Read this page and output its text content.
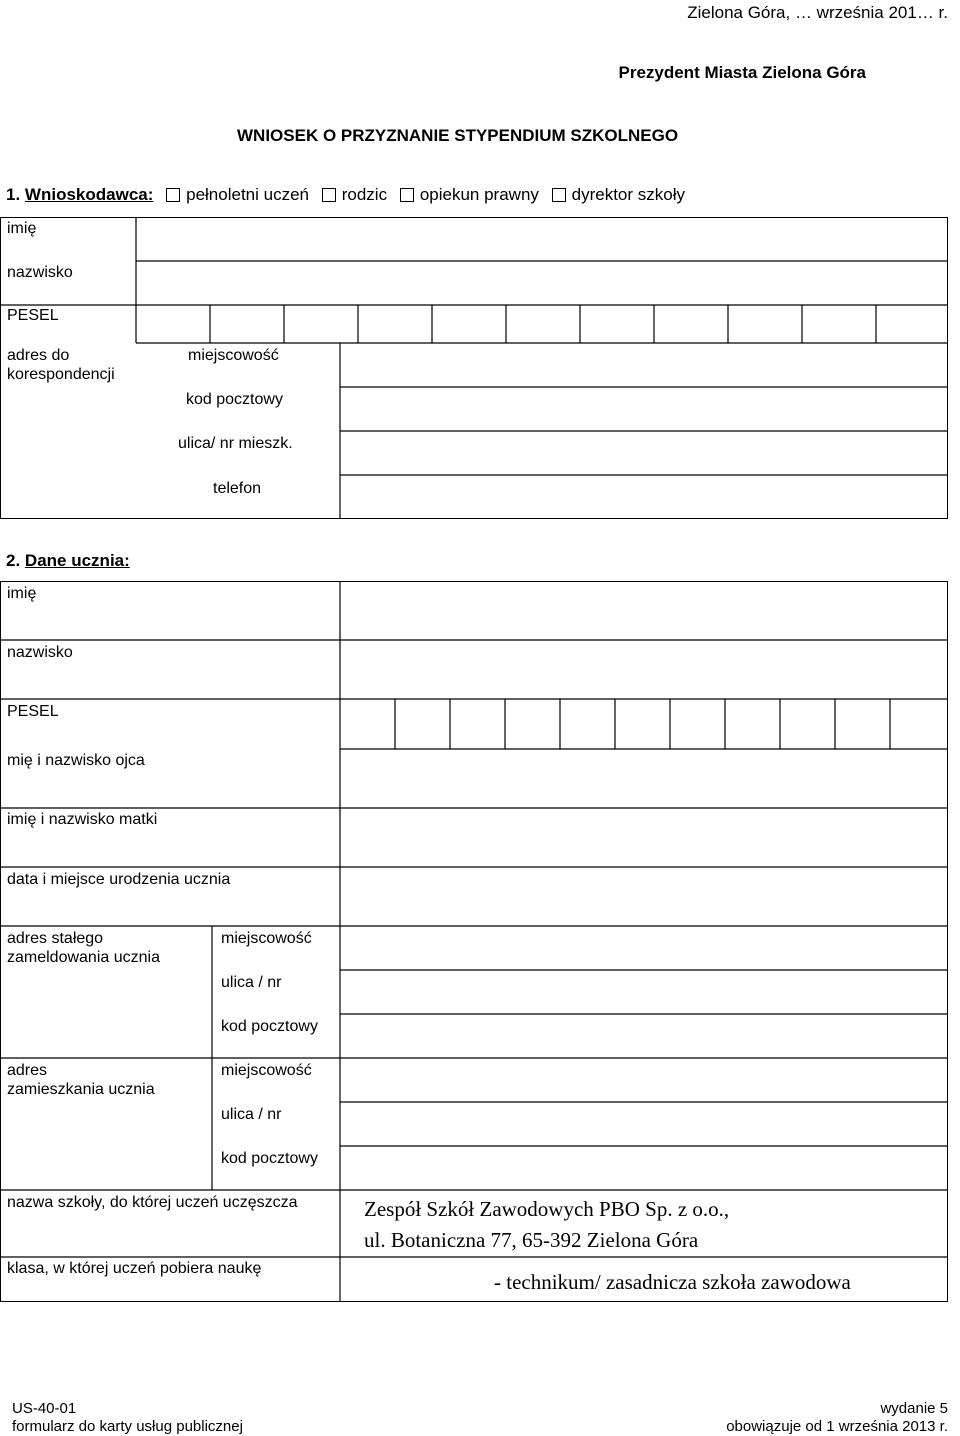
Zielona Góra, … września 201… r.
Prezydent Miasta Zielona Góra
WNIOSEK O PRZYZNANIE STYPENDIUM SZKOLNEGO
1. Wnioskodawca: pełnoletni uczeń rodzic opiekun prawny dyrektor szkoły
imię
nazwisko
PESEL
adres do
korespondencji
miejscowość
kod pocztowy
ulica/ nr mieszk.
telefon
2. Dane ucznia:
imię
nazwisko
PESEL
mię i nazwisko ojca
imię i nazwisko matki
data i miejsce urodzenia ucznia
adres stałego
zameldowania ucznia
miejscowość
ulica / nr
kod pocztowy
adres
zamieszkania ucznia
miejscowość
ulica / nr
kod pocztowy
nazwa szkoły, do której uczeń uczęszcza
klasa, w której uczeń pobiera naukę
Zespół Szkół Zawodowych PBO Sp. z o.o.,
ul. Botaniczna 77, 65-392 Zielona Góra
- technikum/ zasadnicza szkoła zawodowa
US-40-01
formularz do karty usług publicznej
wydanie 5
obowiązuje od 1 września 2013 r.
